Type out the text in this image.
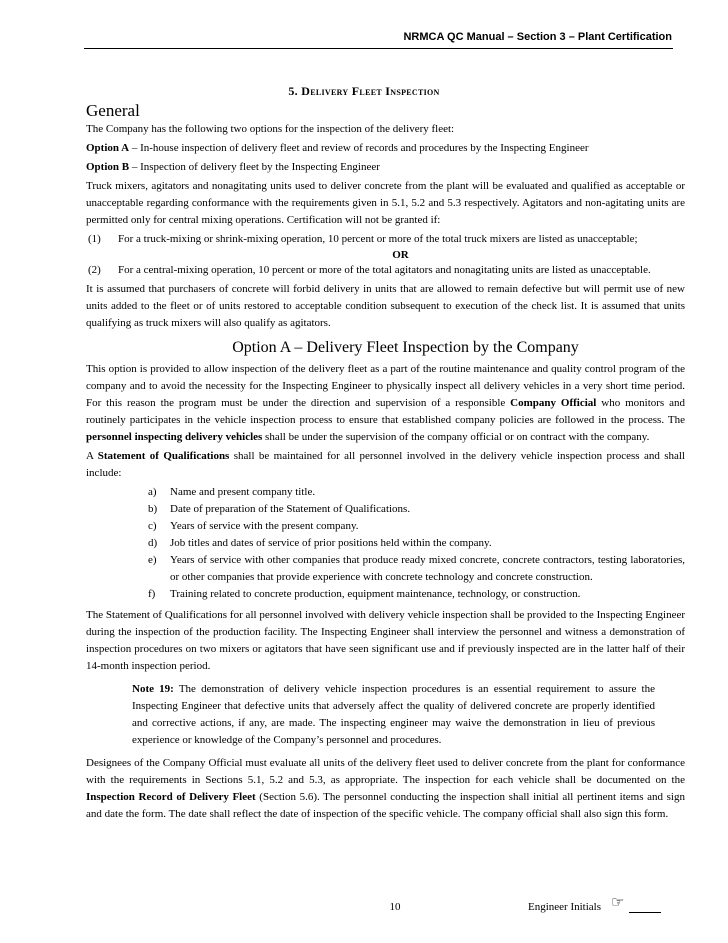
NRMCA QC Manual – Section 3 – Plant Certification
5. Delivery Fleet Inspection
General

The Company has the following two options for the inspection of the delivery fleet:

Option A – In-house inspection of delivery fleet and review of records and procedures by the Inspecting Engineer

Option B – Inspection of delivery fleet by the Inspecting Engineer

Truck mixers, agitators and nonagitating units used to deliver concrete from the plant will be evaluated and qualified as acceptable or unacceptable regarding conformance with the requirements given in 5.1, 5.2 and 5.3 respectively. Agitators and non-agitating units are permitted only for central mixing operations. Certification will not be granted if:

(1)	For a truck-mixing or shrink-mixing operation, 10 percent or more of the total truck mixers are listed as unacceptable;
OR
(2)	For a central-mixing operation, 10 percent or more of the total agitators and nonagitating units are listed as unacceptable.

It is assumed that purchasers of concrete will forbid delivery in units that are allowed to remain defective but will permit use of new units added to the fleet or of units restored to acceptable condition subsequent to execution of the check list. It is assumed that units qualifying as truck mixers will also qualify as agitators.

Option A – Delivery Fleet Inspection by the Company

This option is provided to allow inspection of the delivery fleet as a part of the routine maintenance and quality control program of the company and to avoid the necessity for the Inspecting Engineer to physically inspect all delivery vehicles in a very short time period. For this reason the program must be under the direction and supervision of a responsible Company Official who monitors and routinely participates in the vehicle inspection process to ensure that established company policies are followed in the process. The personnel inspecting delivery vehicles shall be under the supervision of the company official or on contract with the company.

A Statement of Qualifications shall be maintained for all personnel involved in the delivery vehicle inspection process and shall include:

a)	Name and present company title.
b)	Date of preparation of the Statement of Qualifications.
c)	Years of service with the present company.
d)	Job titles and dates of service of prior positions held within the company.
e)	Years of service with other companies that produce ready mixed concrete, concrete contractors, testing laboratories, or other companies that provide experience with concrete technology and concrete construction.
f)	Training related to concrete production, equipment maintenance, technology, or construction.

The Statement of Qualifications for all personnel involved with delivery vehicle inspection shall be provided to the Inspecting Engineer during the inspection of the production facility. The Inspecting Engineer shall interview the personnel and witness a demonstration of inspection procedures on two mixers or agitators that have seen significant use and if previously inspected are in the latter half of their 14-month inspection period.

Note 19: The demonstration of delivery vehicle inspection procedures is an essential requirement to assure the Inspecting Engineer that defective units that adversely affect the quality of delivered concrete are properly identified and corrective actions, if any, are made. The inspecting engineer may waive the demonstration in lieu of previous experience or knowledge of the Company’s personnel and procedures.

Designees of the Company Official must evaluate all units of the delivery fleet used to deliver concrete from the plant for conformance with the requirements in Sections 5.1, 5.2 and 5.3, as appropriate. The inspection for each vehicle shall be documented on the Inspection Record of Delivery Fleet (Section 5.6). The personnel conducting the inspection shall initial all pertinent items and sign and date the form. The date shall reflect the date of inspection of the specific vehicle. The company official shall also sign this form.

10	Engineer Initials ☞
